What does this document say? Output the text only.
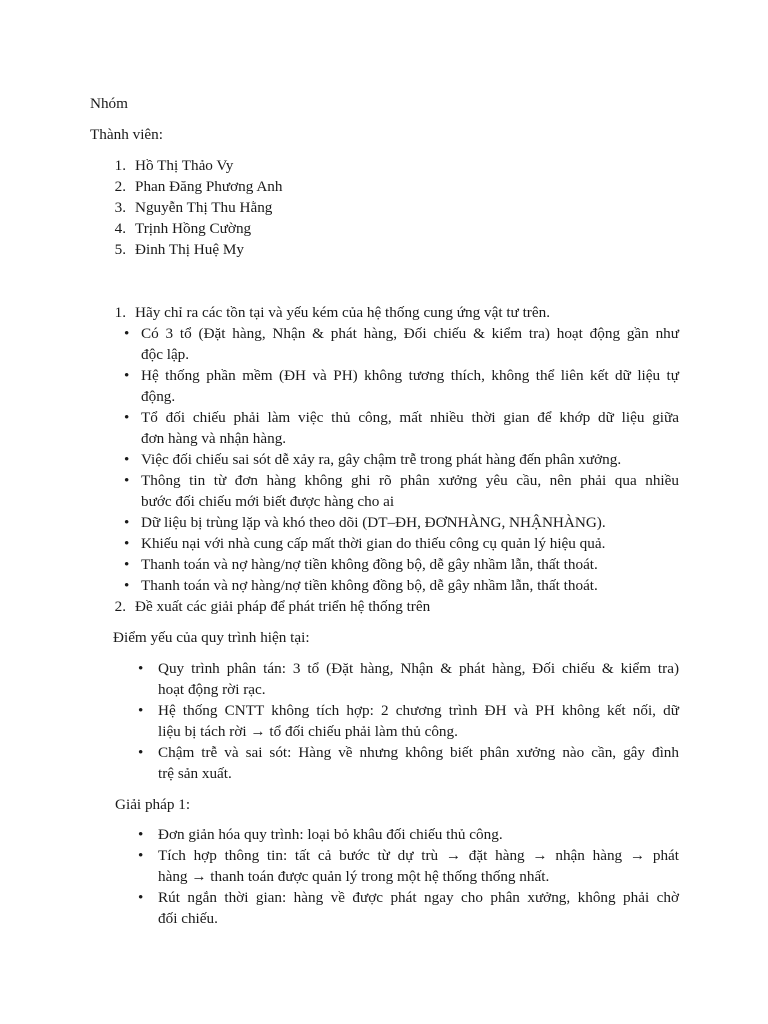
Nhóm
Thành viên:
1. Hồ Thị Thảo Vy
2. Phan Đăng Phương Anh
3. Nguyễn Thị Thu Hằng
4. Trịnh Hồng Cường
5. Đinh Thị Huệ My
1. Hãy chỉ ra các tồn tại và yếu kém của hệ thống cung ứng vật tư trên.
• Có 3 tổ (Đặt hàng, Nhận & phát hàng, Đối chiếu & kiểm tra) hoạt động gần như
độc lập.
• Hệ thống phần mềm (ĐH và PH) không tương thích, không thể liên kết dữ liệu tự
động.
• Tổ đối chiếu phải làm việc thủ công, mất nhiều thời gian để khớp dữ liệu giữa
đơn hàng và nhận hàng.
• Việc đối chiếu sai sót dễ xảy ra, gây chậm trễ trong phát hàng đến phân xưởng.
• Thông tin từ đơn hàng không ghi rõ phân xưởng yêu cầu, nên phải qua nhiều
bước đối chiếu mới biết được hàng cho ai
• Dữ liệu bị trùng lặp và khó theo dõi (DT–ĐH, ĐƠNHÀNG, NHẬNHÀNG).
• Khiếu nại với nhà cung cấp mất thời gian do thiếu công cụ quản lý hiệu quả.
• Thanh toán và nợ hàng/nợ tiền không đồng bộ, dễ gây nhầm lẫn, thất thoát.
• Thanh toán và nợ hàng/nợ tiền không đồng bộ, dễ gây nhầm lẫn, thất thoát.
2. Đề xuất các giải pháp để phát triển hệ thống trên
Điểm yếu của quy trình hiện tại:
• Quy trình phân tán: 3 tổ (Đặt hàng, Nhận & phát hàng, Đối chiếu & kiểm tra)
hoạt động rời rạc.
• Hệ thống CNTT không tích hợp: 2 chương trình ĐH và PH không kết nối, dữ
liệu bị tách rời → tổ đối chiếu phải làm thủ công.
• Chậm trễ và sai sót: Hàng về nhưng không biết phân xưởng nào cần, gây đình
trệ sản xuất.
Giải pháp 1:
• Đơn giản hóa quy trình: loại bỏ khâu đối chiếu thủ công.
• Tích hợp thông tin: tất cả bước từ dự trù → đặt hàng → nhận hàng → phát
hàng → thanh toán được quản lý trong một hệ thống thống nhất.
• Rút ngắn thời gian: hàng về được phát ngay cho phân xưởng, không phải chờ
đối chiếu.
